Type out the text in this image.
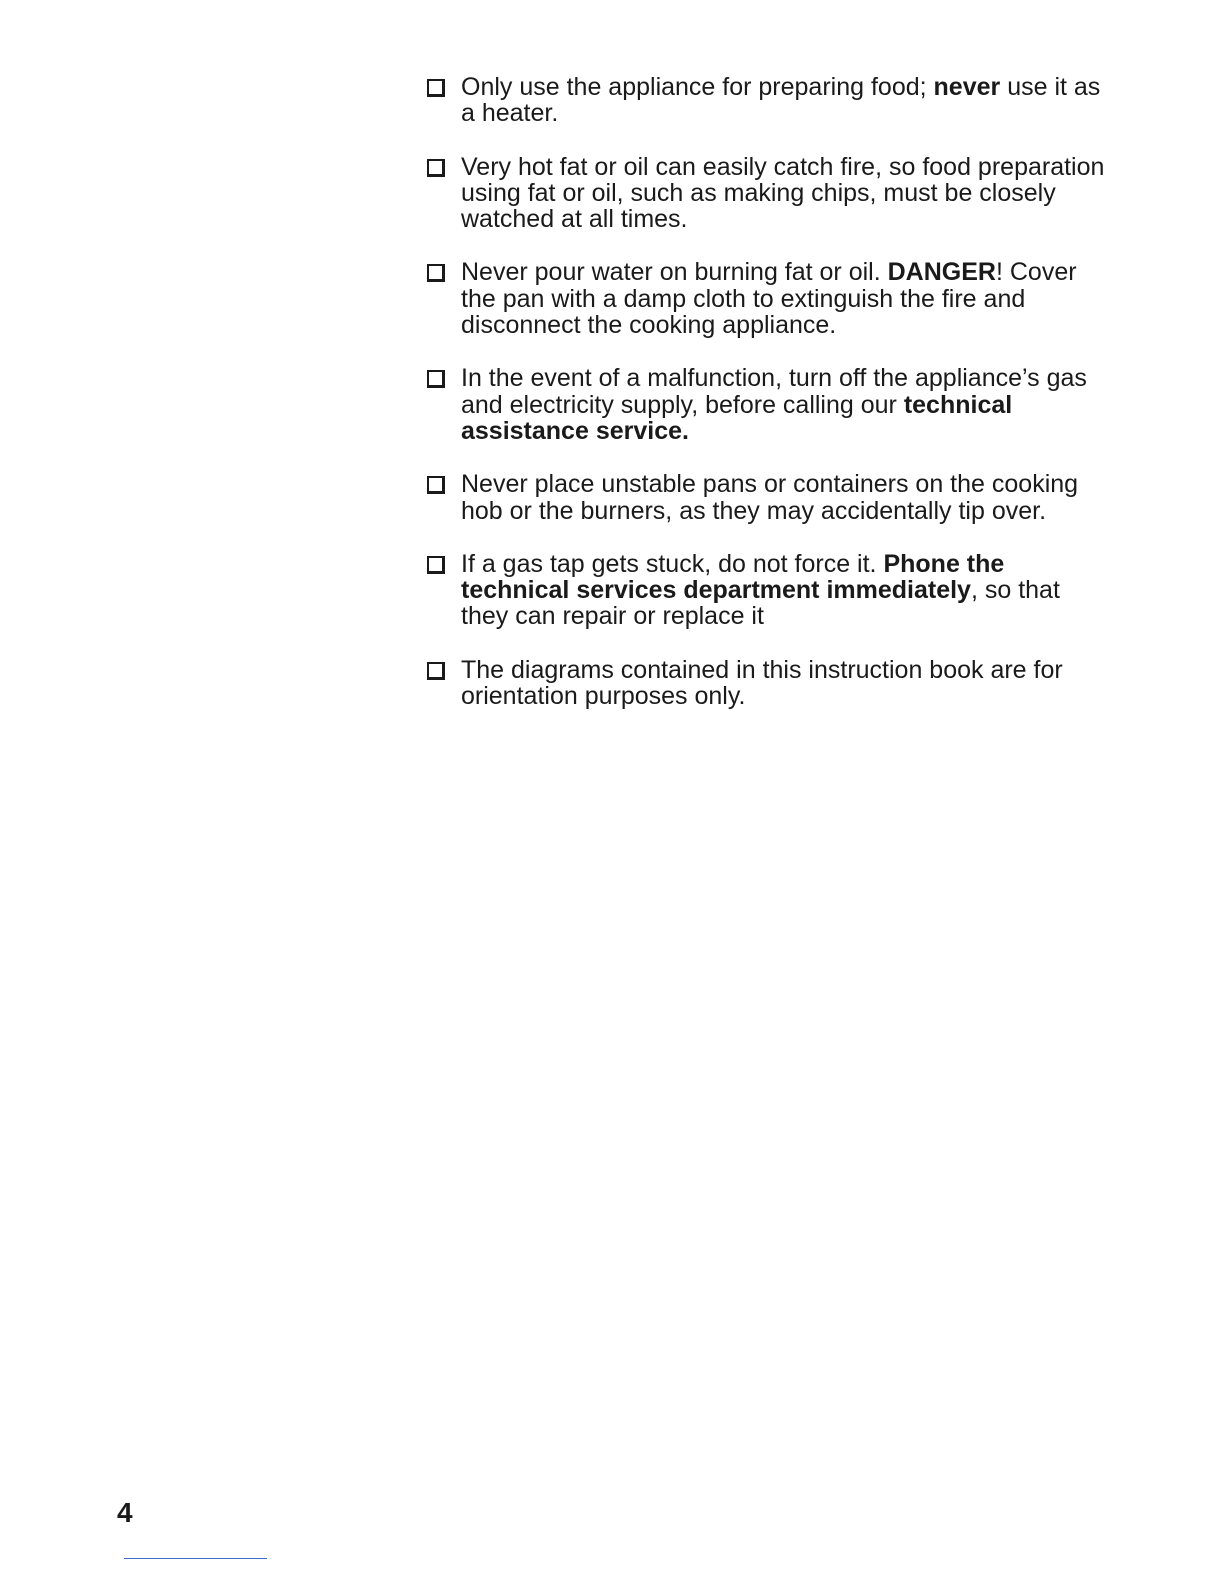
Only use the appliance for preparing food; never use it as a heater.
Very hot fat or oil can easily catch fire, so food preparation using fat or oil, such as making chips, must be closely watched at all times.
Never pour water on burning fat or oil. DANGER! Cover the pan with a damp cloth to extinguish the fire and disconnect the cooking appliance.
In the event of a malfunction, turn off the appliance’s gas and electricity supply, before calling our technical assistance service.
Never place unstable pans or containers on the cooking hob or the burners, as they may accidentally tip over.
If a gas tap gets stuck, do not force it. Phone the technical services department immediately, so that they can repair or replace it
The diagrams contained in this instruction book are for orientation purposes only.
4
